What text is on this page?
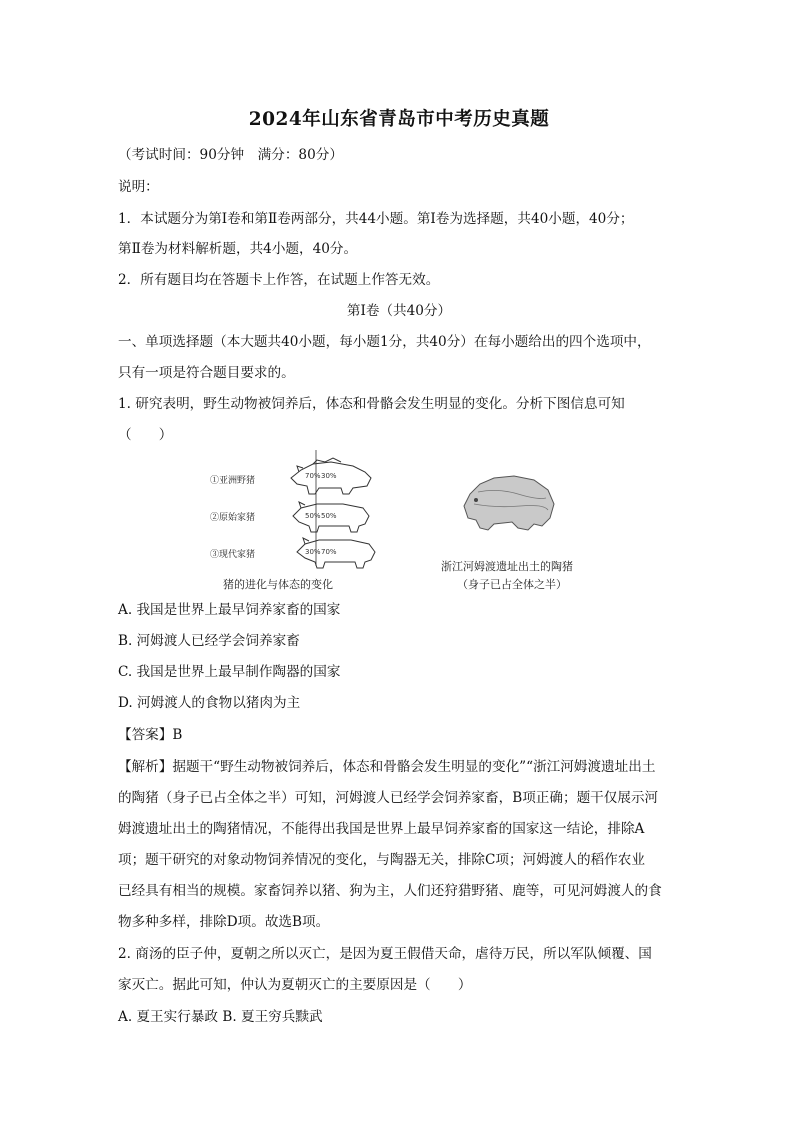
2024年山东省青岛市中考历史真题
（考试时间：90分钟　满分：80分）
说明：
1．本试题分为第Ⅰ卷和第Ⅱ卷两部分，共44小题。第Ⅰ卷为选择题，共40小题，40分；
第Ⅱ卷为材料解析题，共4小题，40分。
2．所有题目均在答题卡上作答，在试题上作答无效。
第Ⅰ卷（共40分）
一、单项选择题（本大题共40小题，每小题1分，共40分）在每小题给出的四个选项中，
只有一项是符合题目要求的。
1. 研究表明，野生动物被饲养后，体态和骨骼会发生明显的变化。分析下图信息可知
（　　）
①亚洲野猪
②原始家猪
③现代家猪
70% 30%
50% 50%
30% 70%
猪的进化与体态的变化
浙江河姆渡遗址出土的陶猪
（身子已占全体之半）
A. 我国是世界上最早饲养家畜的国家
B. 河姆渡人已经学会饲养家畜
C. 我国是世界上最早制作陶器的国家
D. 河姆渡人的食物以猪肉为主
【答案】B
【解析】据题干“野生动物被饲养后，体态和骨骼会发生明显的变化”“浙江河姆渡遗址出土
的陶猪（身子已占全体之半）可知，河姆渡人已经学会饲养家畜，B项正确；题干仅展示河
姆渡遗址出土的陶猪情况，不能得出我国是世界上最早饲养家畜的国家这一结论，排除A
项；题干研究的对象动物饲养情况的变化，与陶器无关，排除C项；河姆渡人的稻作农业
已经具有相当的规模。家畜饲养以猪、狗为主，人们还狩猎野猪、鹿等，可见河姆渡人的食
物多种多样，排除D项。故选B项。
2. 商汤的臣子仲，夏朝之所以灭亡，是因为夏王假借天命，虐待万民，所以军队倾覆、国
家灭亡。据此可知，仲认为夏朝灭亡的主要原因是（　　）
A. 夏王实行暴政 B. 夏王穷兵黩武
